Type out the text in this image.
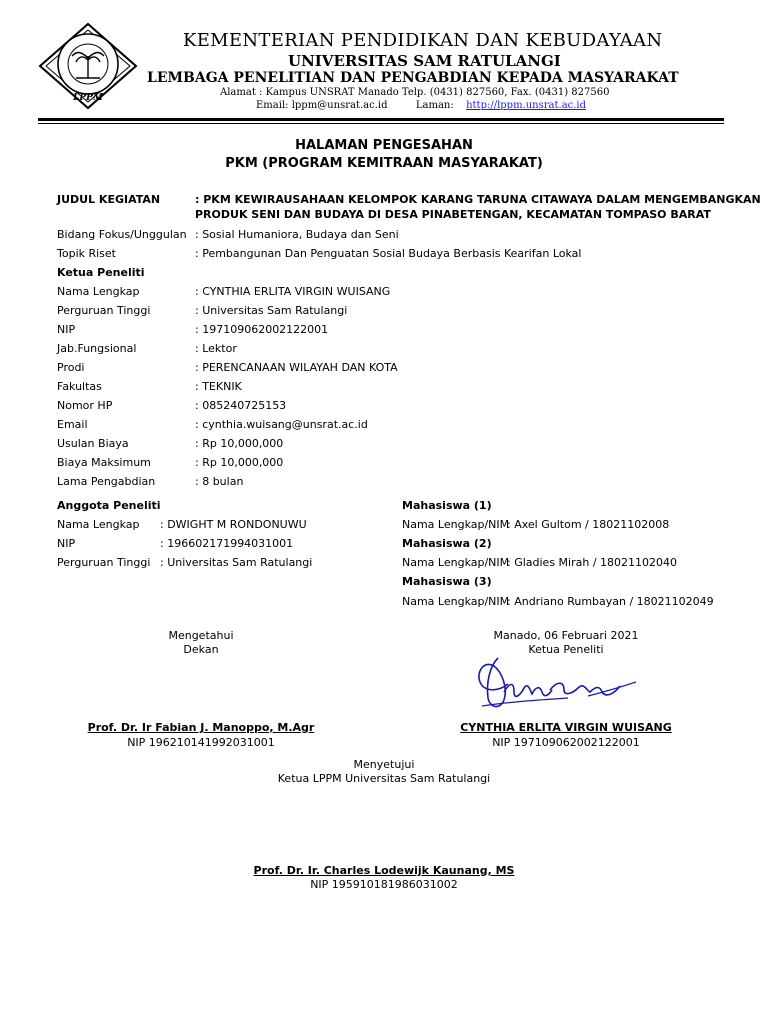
LPPM
KEMENTERIAN PENDIDIKAN DAN KEBUDAYAAN
UNIVERSITAS SAM RATULANGI
LEMBAGA PENELITIAN DAN PENGABDIAN KEPADA MASYARAKAT
Alamat : Kampus UNSRAT Manado Telp. (0431) 827560, Fax. (0431) 827560
Email: lppm@unsrat.ac.id	Laman: http://lppm.unsrat.ac.id
HALAMAN PENGESAHAN
PKM (PROGRAM KEMITRAAN MASYARAKAT)
JUDUL KEGIATAN	: PKM KEWIRAUSAHAAN KELOMPOK KARANG TARUNA CITAWAYA DALAM MENGEMBANGKAN
PRODUK SENI DAN BUDAYA DI DESA PINABETENGAN, KECAMATAN TOMPASO BARAT
Bidang Fokus/Unggulan : Sosial Humaniora, Budaya dan Seni
Topik Riset	: Pembangunan Dan Penguatan Sosial Budaya Berbasis Kearifan Lokal
Ketua Peneliti
Nama Lengkap	: CYNTHIA ERLITA VIRGIN WUISANG
Perguruan Tinggi	: Universitas Sam Ratulangi
NIP	: 197109062002122001
Jab.Fungsional	: Lektor
Prodi	: PERENCANAAN WILAYAH DAN KOTA
Fakultas	: TEKNIK
Nomor HP	: 085240725153
Email	: cynthia.wuisang@unsrat.ac.id
Usulan Biaya	: Rp 10,000,000
Biaya Maksimum	: Rp 10,000,000
Lama Pengabdian	: 8 bulan
Anggota Peneliti
Nama Lengkap : DWIGHT M RONDONUWU
NIP	: 196602171994031001
Perguruan Tinggi : Universitas Sam Ratulangi
Mahasiswa (1)
Nama Lengkap/NIM
: Axel Gultom / 18021102008
Mahasiswa (2)
Nama Lengkap/NIM
: Gladies Mirah / 18021102040
Mahasiswa (3)
Nama Lengkap/NIM
: Andriano Rumbayan / 18021102049
Mengetahui
Dekan
Prof. Dr. Ir Fabian J. Manoppo, M.Agr
NIP 196210141992031001
Manado, 06 Februari 2021
Ketua Peneliti
CYNTHIA ERLITA VIRGIN WUISANG
NIP 197109062002122001
Menyetujui
Ketua LPPM Universitas Sam Ratulangi
Prof. Dr. Ir. Charles Lodewijk Kaunang, MS
NIP 195910181986031002
